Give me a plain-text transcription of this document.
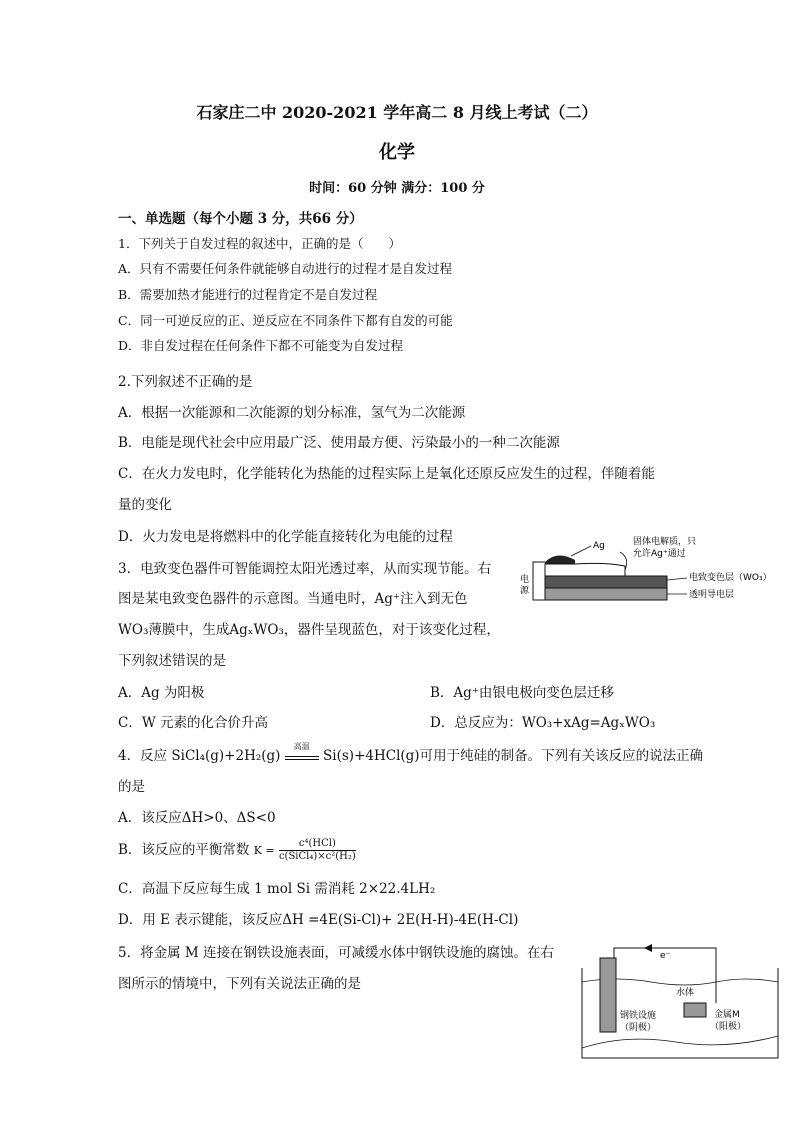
石家庄二中 2020-2021 学年高二 8 月线上考试（二）
化学
时间：60 分钟 满分：100 分
一、单选题（每个小题 3 分，共66 分）
1．下列关于自发过程的叙述中，正确的是（　　）
A．只有不需要任何条件就能够自动进行的过程才是自发过程
B．需要加热才能进行的过程肯定不是自发过程
C．同一可逆反应的正、逆反应在不同条件下都有自发的可能
D．非自发过程在任何条件下都不可能变为自发过程
2.下列叙述不正确的是
A．根据一次能源和二次能源的划分标准，氢气为二次能源
B．电能是现代社会中应用最广泛、使用最方便、污染最小的一种二次能源
C．在火力发电时，化学能转化为热能的过程实际上是氧化还原反应发生的过程，伴随着能
量的变化
D．火力发电是将燃料中的化学能直接转化为电能的过程
3．电致变色器件可智能调控太阳光透过率，从而实现节能。右
图是某电致变色器件的示意图。当通电时，Ag⁺注入到无色
WO₃薄膜中，生成AgₓWO₃，器件呈现蓝色，对于该变化过程，
下列叙述错误的是
A．Ag 为阳极	B．Ag⁺由银电极向变色层迁移
C．W 元素的化合价升高	D．总反应为：WO₃+xAg=AgₓWO₃
电
源
Ag	固体电解质，只
允许Ag⁺通过
电致变色层（WO₃）
透明导电层
4．反应 SiCl₄(g)+2H₂(g)
高温
Si(s)+4HCl(g)可用于纯硅的制备。下列有关该反应的说法正确
的是
A．该反应ΔH>0、ΔS<0
B．该反应的平衡常数 $K = \frac{\text{c⁴(HCl)}}{\text{c(SiCl₄)×c²(H₂)}}$
C．高温下反应每生成 1 mol Si 需消耗 2×22.4LH₂
D．用 E 表示键能，该反应ΔH =4E(Si-Cl)+ 2E(H-H)-4E(H-Cl)
5．将金属 M 连接在钢铁设施表面，可减缓水体中钢铁设施的腐蚀。在右
图所示的情境中，下列有关说法正确的是
水体
e⁻
钢铁设施
（阴极）
金属M
（阳极）
